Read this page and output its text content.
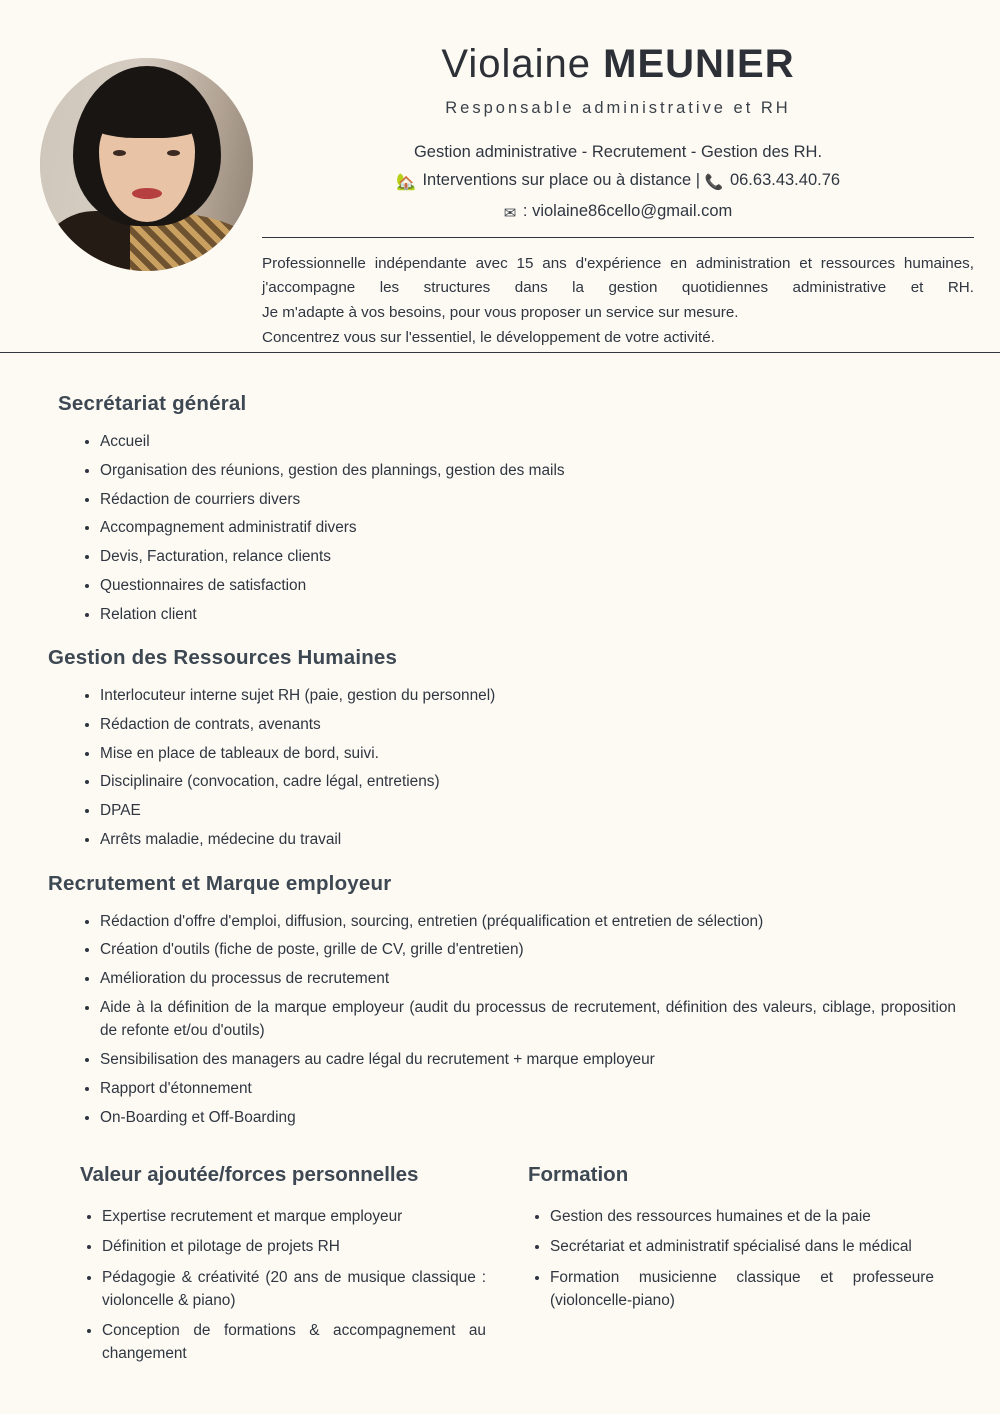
Violaine MEUNIER
Responsable administrative et RH
Gestion administrative - Recrutement - Gestion des RH.
🏡 Interventions sur place ou à distance | 📞 06.63.43.40.76
✉ : violaine86cello@gmail.com

Professionnelle indépendante avec 15 ans d'expérience en administration et ressources humaines, j'accompagne les structures dans la gestion quotidiennes administrative et RH.

Je m'adapte à vos besoins, pour vous proposer un service sur mesure.

Concentrez vous sur l'essentiel, le développement de votre activité.

Secrétariat général
• Accueil
• Organisation des réunions, gestion des plannings, gestion des mails
• Rédaction de courriers divers
• Accompagnement administratif divers
• Devis, Facturation, relance clients
• Questionnaires de satisfaction
• Relation client
Gestion des Ressources Humaines
• Interlocuteur interne sujet RH (paie, gestion du personnel)
• Rédaction de contrats, avenants
• Mise en place de tableaux de bord, suivi.
• Disciplinaire (convocation, cadre légal, entretiens)
• DPAE
• Arrêts maladie, médecine du travail
Recrutement et Marque employeur
• Rédaction d'offre d'emploi, diffusion, sourcing, entretien (préqualification et entretien de sélection)
• Création d'outils (fiche de poste, grille de CV, grille d'entretien)
• Amélioration du processus de recrutement
• Aide à la définition de la marque employeur (audit du processus de recrutement, définition des valeurs, ciblage, proposition de refonte et/ou d'outils)
• Sensibilisation des managers au cadre légal du recrutement + marque employeur
• Rapport d'étonnement
• On-Boarding et Off-Boarding
Valeur ajoutée/forces personnelles
• Expertise recrutement et marque employeur
• Définition et pilotage de projets RH
• Pédagogie & créativité (20 ans de musique classique : violoncelle & piano)
• Conception de formations & accompagnement au changement
Formation
• Gestion des ressources humaines et de la paie
• Secrétariat et administratif spécialisé dans le médical
• Formation musicienne classique et professeure (violoncelle-piano)
